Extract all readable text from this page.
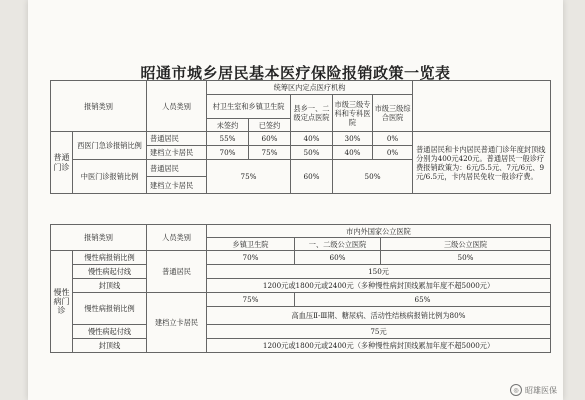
昭通市城乡居民基本医疗保险报销政策一览表
报销类别		人员类别	统筹区内定点医疗机构					
			村卫生室和乡镇卫生院		县乡一、二级定点医院	市级三级专科和专科医院	市级三级综合医院	
			未签约	已签约				
普通门诊	西医门急诊报销比例	普通居民	55%	60%	40%	30%	0%	普通居民和卡内居民普通门诊年度封顶线分别为400元420元。普通居民一般诊疗费报销政策为：6元/5.5元、7元/6元、9元/6.5元，卡内居民免收一般诊疗费。
		建档立卡居民	70%	75%	50%	40%	0%	
	中医门诊报销比例	普通居民	75%		60%	50%		
		建档立卡居民						
报销类别		人员类别	市内外国家公立医院		
			乡镇卫生院	一、二级公立医院	三级公立医院
慢性病门诊	慢性病报销比例	普通居民	70%	60%	50%
	慢性病起付线		150元		
	封顶线		1200元或1800元或2400元（多种慢性病封顶线累加年度不超5000元）		
	慢性病报销比例	建档立卡居民	75%	65%	
			高血压Ⅱ-Ⅲ期、糖尿病、活动性结核病报销比例为80%		
	慢性病起付线		75元		
	封顶线		1200元或1800元或2400元（多种慢性病封顶线累加年度不超5000元）		
◎ 昭雄医保
